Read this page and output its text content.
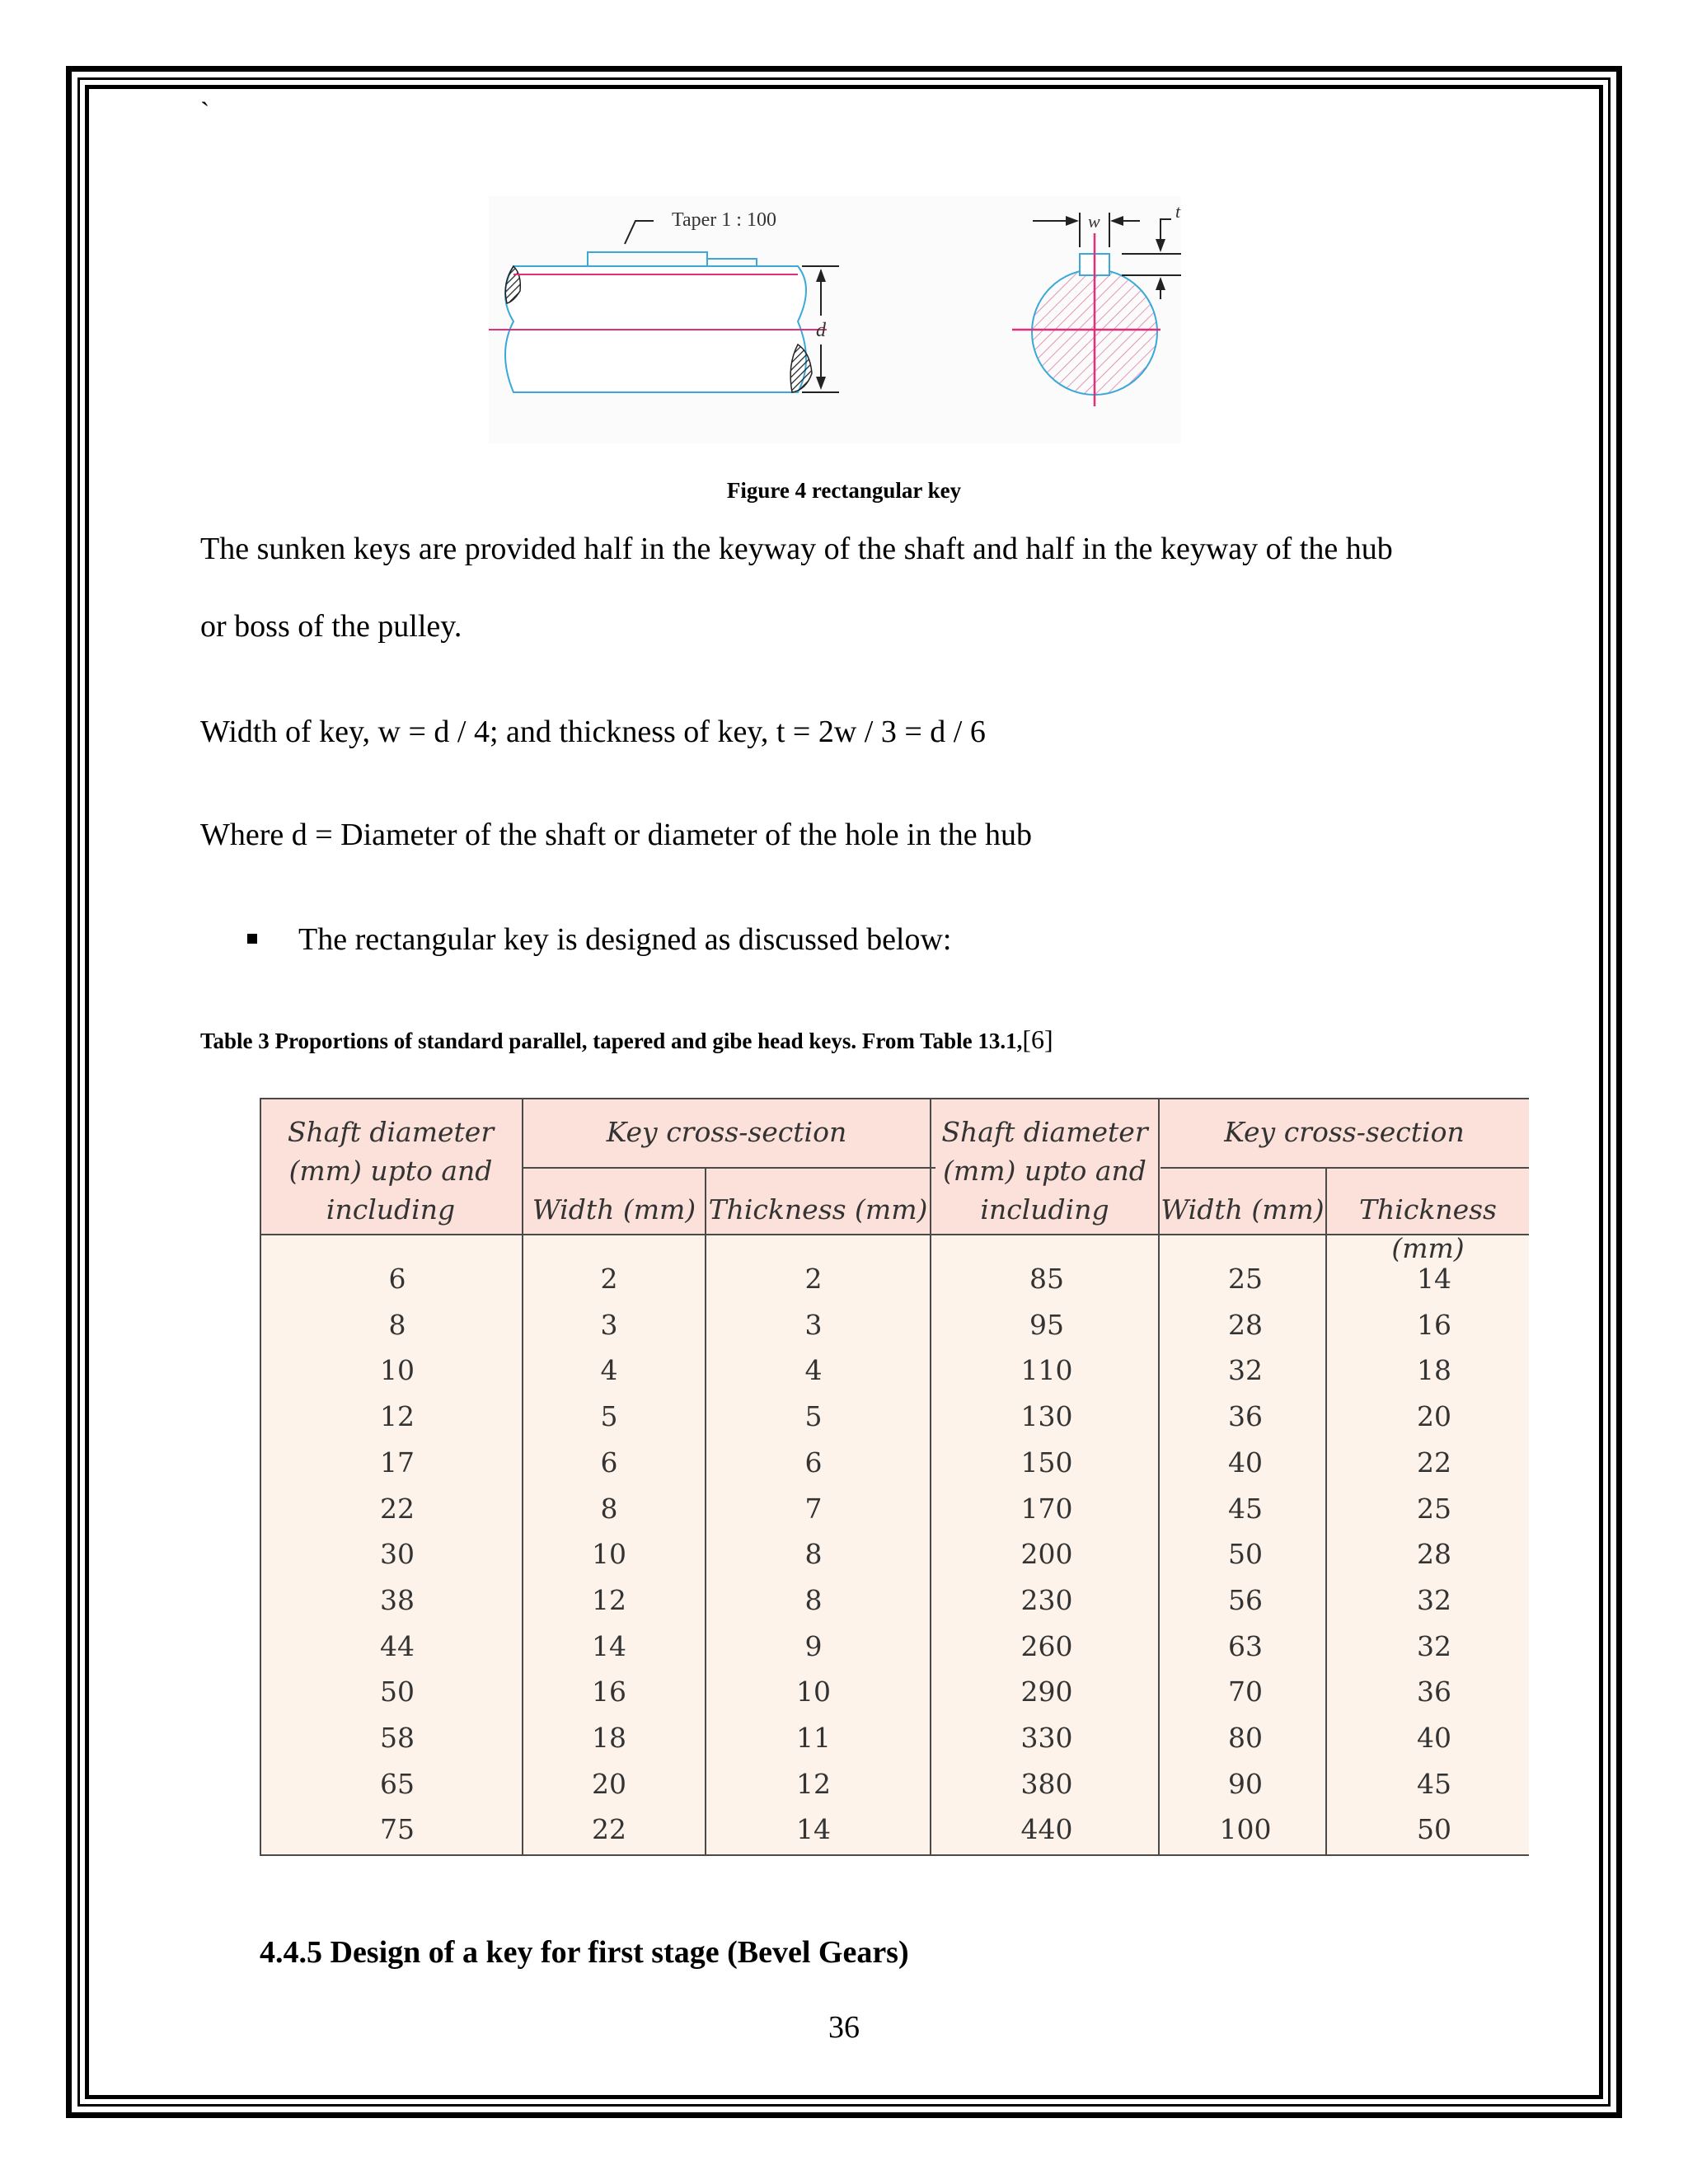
`
Taper 1 : 100
d
w	t
Figure 4 rectangular key
The sunken keys are provided half in the keyway of the shaft and half in the keyway of the hub
or boss of the pulley.
Width of key, w = d / 4; and thickness of key, t = 2w / 3 = d / 6
Where d = Diameter of the shaft or diameter of the hole in the hub
The rectangular key is designed as discussed below:
Table 3 Proportions of standard parallel, tapered and gibe head keys. From Table 13.1,[6]
Shaft diameter
(mm) upto and
including
Key cross-section
Width (mm) Thickness (mm)
Shaft diameter
(mm) upto and
including
Key cross-section
Width (mm)	Thickness (mm)
6	2	2	85	25	14
8	3	3	95	28	16
10	4	4	110	32	18
12	5	5	130	36	20
17	6	6	150	40	22
22	8	7	170	45	25
30	10	8	200	50	28
38	12	8	230	56	32
44	14	9	260	63	32
50	16	10	290	70	36
58	18	11	330	80	40
65	20	12	380	90	45
75	22	14	440	100	50
4.4.5 Design of a key for first stage (Bevel Gears)
36
